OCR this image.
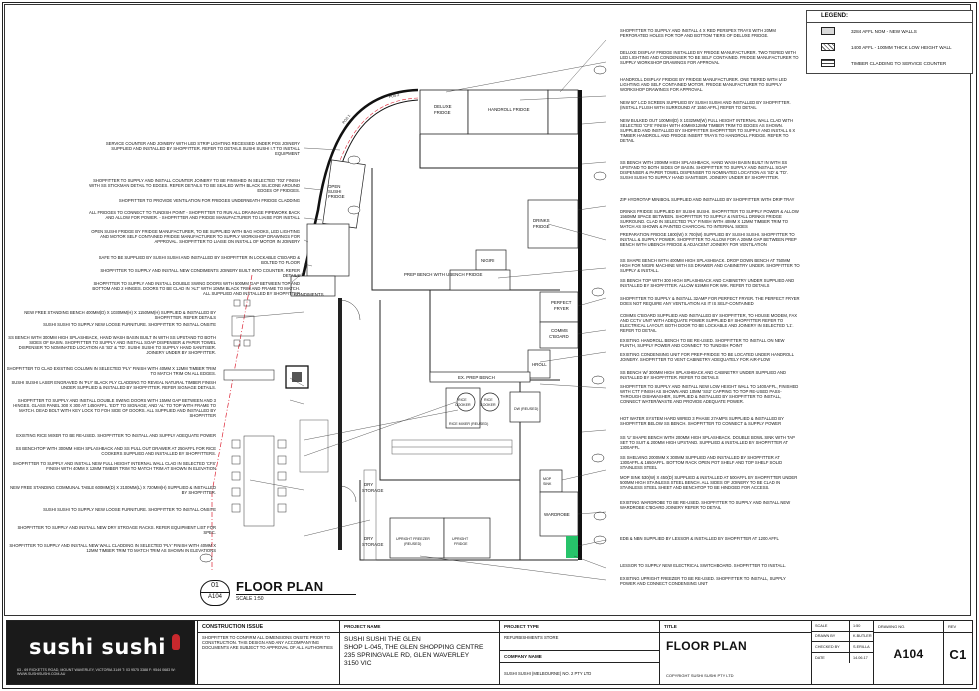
LEGEND:
3284 AFFL NOM - NEW WALLS
1400 AFFL - 100MM THICK LOW HEIGHT WALL
TIMBER CLADDING TO SERVICE COUNTER
OPEN
SUSHI
FRIDGE
CONDIMENTS
POS 1
POS 2
DELUXE
FRIDGE
HANDROLL FRIDGE
DRINKS
FRIDGE
NIGIRI
PREP BENCH WITH UBENCH FRIDGE
PERFECT
FRYER
COMMS
C'BOARD
HROLL
EX. PREP BENCH
RICE MIXER (REUSED)
RICE
COOKER
RICE
COOKER
DW (REUSED)
MOP
SINK
WARDROBE
DRY
STORAGE
DRY
STORAGE
UPRIGHT FREEZER
(REUSED)
UPRIGHT
FRIDGE
SERVICE COUNTER AND JOINERY WITH LED STRIP LIGHTING RECESSED UNDER POS JOINERY SUPPLIED AND INSTALLED BY SHOPFITTER. REFER TO DETAILS SUSHI SUSHI I.T TO INSTALL EQUIPMENT
SHOPFITTER TO SUPPLY AND INSTALL COUNTER JOINERY TO BE FINISHED IN SELECTED 'T02' FINISH WITH SS STICKMAN DETAIL TO EDGES. REFER DETAILS TO BE SEALED WITH BLACK SILICONE AROUND EDGES OF FRIDGES.
SHOPFITTER TO PROVIDE VENTILATION FOR FRIDGES UNDERNEATH FRIDGE CLADDING
ALL FRIDGES TO CONNECT TO TUNDISH POINT - SHOPFITTER TO RUN ALL DRAINAGE PIPEWORK BACK AND ALLOW FOR POWER. - SHOPFITTER AND FRIDGE MANUFACTURER TO LIAISE FOR INSTALL
OPEN SUSHI FRIDGE BY FRIDGE MANUFACTURER, TO BE SUPPLIED WITH BAG HOOKS, LED LIGHTING AND MOTOR SELF CONTAINED FRIDGE MANUFACTURER TO SUPPLY WORKSHOP DRAWINGS FOR APPROVAL. SHOPFITTER TO LIAISE ON INSTALL OF MOTOR IN JOINERY
SAFE TO BE SUPPLIED BY SUSHI SUSHI AND INSTALLED BY SHOPFITTER IN LOCKABLE C'BOARD & BOLTED TO FLOOR
SHOPFITTER TO SUPPLY AND INSTALL NEW CONDIMENTS JOINERY BUILT INTO COUNTER. REFER DETAILS
SHOPFITTER TO SUPPLY AND INSTALL DOUBLE SWING DOORS WITH 500MM GAP BETWEEN TOP AND BOTTOM AND 2 HINGES. DOORS TO BE CLAD IN 'ALT' WITH 10MM BLACK TRIM AND FRAME TO MATCH. ALL SUPPLIED AND INSTALLED BY SHOPFITTER
NEW FREE STANDING BENCH 400MM(D) X 1030MM(H) X 1150MM(H) SUPPLIED & INSTALLED BY SHOPFITTER. REFER DETAILS
SUSHI SUSHI TO SUPPLY NEW LOOSE FURNITURE. SHOPFITTER TO INSTALL ONSITE
SS BENCH WITH 300MM HIGH SPLASHBACK, HAND WASH BASIN BUILT IN WITH SS UPSTAND TO BOTH SIDES OF BASIN. SHOPFITTER TO SUPPLY AND INSTALL SOAP DISPENSER & PAPER TOWEL DISPENSER TO NOMINATED LOCATION AS 'SD' & 'TD'. SUSHI SUSHI TO SUPPLY HAND SANITISER. JOINERY UNDER BY SHOPFITTER.
SHOPFITTER TO CLAD EXISTING COLUMN IN SELECTED 'PLY' FINISH WITH 40MM X 12MM TIMBER TRIM TO MATCH TRIM ON ALL EDGES.
SUSHI SUSHI LASER ENGRAVED IN 'PLY' BLACK PLY CLADDING TO REVEAL NATURAL TIMBER FINISH UNDER SUPPLIED & INSTALLED BY SHOPFITTER. REFER SIGNAGE DETAILS.
SHOPFITTER TO SUPPLY AND INSTALL DOUBLE SWING DOORS WITH 15MM GAP BETWEEN AND 3 HINGES. GLASS PANEL 300 X 300 AT 1450AFFL. 'EDT' TO SIGNAGE; AND 'AL' TO TOP WITH FRAME TO MATCH. DEAD BOLT WITH KEY LOCK TO FOH SIDE OF DOORS. ALL SUPPLIED AND INSTALLED BY SHOPFITTER
EXISTING RICE MIXER TO BE RE-USED. SHOPFITTER TO INSTALL AND SUPPLY ADEQUATE POWER
SS BENCHTOP WITH 300MM HIGH SPLASHBACK AND SS PULL OUT DRAWER AT 250AFFL FOR RICE COOKERS SUPPLIED AND INSTALLED BY SHOPFITTERS.
SHOPFITTER TO SUPPLY AND INSTALL NEW FULL HEIGHT INTERNAL WALL CLAD IN SELECTED 'CFS' FINISH WITH 40MM X 12MM TIMBER TRIM TO MATCH TRIM AT SHOWN IN ELEVATION
NEW FREE STANDING COMMUNAL TABLE 600MM(D) X 2100MM(L) X 720MM(H) SUPPLIED & INSTALLED BY SHOPFITTER.
SUSHI SUSHI TO SUPPLY NEW LOOSE FURNITURE. SHOPFITTER TO INSTALL ONSITE
SHOPFITTER TO SUPPLY AND INSTALL NEW DRY STROAGE RACKS. REFER EQUIPMENT LIST FOR SPEC.
SHOPFITTER TO SUPPLY AND INSTALL NEW WALL CLADDING IN SELECTED 'PLY' FINISH WITH 40MM X 12MM TIMBER TRIM TO MATCH TRIM AS SHOWN IN ELEVATIONS
SHOPFITTER TO SUPPLY AND INSTALL 4 X RED PERSPEX TRAYS WITH 20MM PERFORATED HOLES FOR TOP AND BOTTOM TIERS OF DELUXE FRIDGE.
DELUXE DISPLAY FRIDGE INSTALLED BY FRIDGE MANUFACTURER. TWO TIERED WITH LED LIGHTING AND CONDENSER TO BE SELF CONTAINED. FRIDGE MANUFACTURER TO SUPPLY WORKSHOP DRAWINGS FOR APPROVAL
HANDROLL DISPLAY FRIDGE BY FRIDGE MANUFACTURER. ONE TIERED WITH LED LIGHTING AND SELF CONTAINED MOTOR. FRIDGE MANUFACTURER TO SUPPLY WORKSHOP DRAWINGS FOR APPROVAL.
NEW 50" LCD SCREEN SUPPLIED BY SUSHI SUSHI AND INSTALLED BY SHOPFITTER. (INSTALL FLUSH WITH SURROUND AT 1550 AFFL) REFER TO DETAIL
NEW BULKED OUT 100MM(D) X 1032MM(W) FULL HEIGHT INTERNAL WALL CLAD WITH SELECTED 'CFS' FINISH WITH 40MMX12MM TIMBER TRIM TO EDGES AS SHOWN. SUPPLIED AND INSTALLED BY SHOPFITTER SHOPFITTER TO SUPPLY AND INSTALL 6 X TIMBER HANDROLL AND FRIDGE INSERT TRAYS TO HANDROLL FRIDGE. REFER TO DETAIL
SS BENCH WITH 200MM HIGH SPLASHBACK, HAND WASH BASIN BUILT IN WITH SS UPSTAND TO BOTH SIDES OF BASIN. SHOPFITTER TO SUPPLY AND INSTALL SOAP DISPENSER & PAPER TOWEL DISPENSER TO NOMINATED LOCATION AS 'SD' & 'TD'. SUSHI SUSHI TO SUPPLY HAND SANITISER. JOINERY UNDER BY SHOPFITTER.
ZIP HYDROTAP MINIBOIL SUPPLIED AND INSTALLED BY SHOPFITTER WITH DRIP TRAY
DRINKS FRIDGE SUPPLIED BY SUSHI SUSHI. SHOPFITTER TO SUPPLY POWER & ALLOW 1560MM SPACE BETWEEN. SHOPFITTER TO SUPPLY & INSTALL DRINKS FRIDGE SURROUND. CLAD IN SELECTED 'PLY' FINISH WITH 40MM X 12MM TIMBER TRIM TO MATCH AS SHOWN & PAINTED CHARCOAL TO INTERNAL SIDES
PREPARATION FRIDGE 1800(W) X 700(W) SUPPLIED BY SUSHI SUSHI. SHOPFITTER TO INSTALL & SUPPLY POWER. SHOPFITTER TO ALLOW FOR A 20MM GAP BETWEEN PREP BENCH WITH UBENCH FRIDGE & ADJACENT JOINERY FOR VENTILATION
SS SHAPE BENCH WITH 400MM HIGH SPLASHBACK. DROP DOWN BENCH AT 750MM HIGH FOR NIGIRI MACHINE WITH SS DRAWER AND CABINETRY UNDER. SHOPFITTER TO SUPPLY & INSTALL.
SS BENCH TOP WITH 300 HIGH SPLASHBACK AND CABINETRY UNDER SUPPLIED AND INSTALLED BY SHOPFITTER. ALLOW 619MM FOR WIK. REFER TO DETAILS
SHOPFITTER TO SUPPLY & INSTALL 32AMP FOR PERFECT FRYER. THE PERFECT FRYER DOES NOT REQUIRE ANY VENTILATION AS IT IS SELF-CONTAINED
COMMS C'BOARD SUPPLIED AND INSTALLED BY SHOPFITTER, TO HOUSE MODEM, FAX AND CCTV UNIT WITH ADEQUATE POWER SUPPLIED BY SHOPFITTER REFER TO ELECTRICAL LAYOUT. BOTH DOOR TO BE LOCKABLE AND JOINERY IN SELECTED 'L1'. REFER TO DETAIL
EXISTING HANDROLL BENCH TO BE RE-USED. SHOPFITTER TO INSTALL ON NEW PLINTH, SUPPLY POWER AND CONNECT TO TUNDISH POINT
EXISTING CONDENSING UNIT FOR PREP-FRIDGE TO BE LOCATED UNDER HANDROLL JOINERY. SHOPFITTER TO VENT CABINETRY ADEQUATELY FOR AIR-FLOW
SS BENCH W/ 300MM HIGH SPLASHBACK AND CABINETRY UNDER SUPPLIED AND INSTALLED BY SHOPFITTER. REFER TO DETAILS
SHOPFITTER TO SUPPLY AND INSTALL NEW LOW HEIGHT WALL TO 1400AFFL, FINISHED WITH CTT FINISH AS SHOWN AND 10MM 'SS2' CAPPING TO TOP RE-USED PASS-THROUGH DISHWASHER, SUPPLIED & INSTALLED BY SHOPFITTER TO INSTALL, CONNECT WATER/WASTE AND PROVIDE ADEQUATE POWER.
HOT WATER SYSTEM HARD WIRED 3 PHASE 27AMPS SUPPLIED & INSTALLED BY SHOPFITTER BELOW SS BENCH. SHOPFITTER TO CONNECT & SUPPLY POWER
SS 'U' SHAPE BENCH WITH 200MM HIGH SPLASHBACK. DOUBLE BOWL SINK WITH TAP SET TO SUIT & 200MM HIGH UPSTAND. SUPPLIED & INSTALLED BY SHOPFITTER AT 1300AFFL
SS SHELVING 2000MM X 300MM SUPPLIED AND INSTALLED BY SHOPFITTER AT 1300AFFL & 1650AFFL. BOTTOM RACK OPEN POT SHELF AND TOP SHELF SOLID STAINLESS STEEL
MOP SINK 530(W) X 450(D) SUPPLIED & INSTALLED AT 500AFFL BY SHOPFITTER UNDER 500MM HIGH STAINLESS STEEL BENCH. ALL SIDES OF JOINERY TO BE CLAD IN STAINLESS STEEL SHEET AND BENCHTOP TO BE HINDGED FOR ACCESS.
EXISTING WARDROBE TO BE RE-USED. SHOPFITTER TO SUPPLY AND INSTALL NEW WARDROBE C'BOARD JOINERY REFER TO DETAIL
EDB & NBN SUPPLIED BY LESSOR & INSTALLED BY SHOPFITTER AT 1200 AFFL
LESSOR TO SUPPLY NEW ELECTRICAL SWITCHBOARD. SHOPFITTER TO INSTALL.
EXISTING UPRIGHT FREEZER TO BE RE-USED. SHOPFITTER TO INSTALL, SUPPLY POWER AND CONNECT CONDENSING UNIT
01
A104
FLOOR PLAN
SCALE 1:50
sushi sushi
63 - 69 RICKETTS ROAD, MOUNT WAVERLEY, VICTORIA 3149 T: 03 9575 3388 F: 9544 0683 W: WWW.SUSHISUSHI.COM.AU
CONSTRUCTION ISSUE
SHOPFITTER TO CONFIRM ALL DIMENSIONS ONSITE PRIOR TO CONSTRUCTION. THIS DESIGN AND ANY ACCOMPANYING DOCUMENTS ARE SUBJECT TO APPROVAL OF ALL AUTHORITIES
PROJECT NAME
SUSHI SUSHI THE GLEN
SHOP L-045, THE GLEN SHOPPING CENTRE
235 SPRINGVALE RD, GLEN WAVERLEY
3150 VIC
PROJECT TYPE
REFURBISHMENTS STORE
COMPANY NAME
SUSHI SUSHI (MELBOURNE) NO. 2 PTY LTD
TITLE
FLOOR PLAN
COPYRIGHT SUSHI SUSHI PTY LTD
SCALE	1:50
DRAWN BY	K.BUTLER
CHECKED BY	S.ERILLA
DATE	14.06.17
DRAWING NO.
A104
REV
C1
